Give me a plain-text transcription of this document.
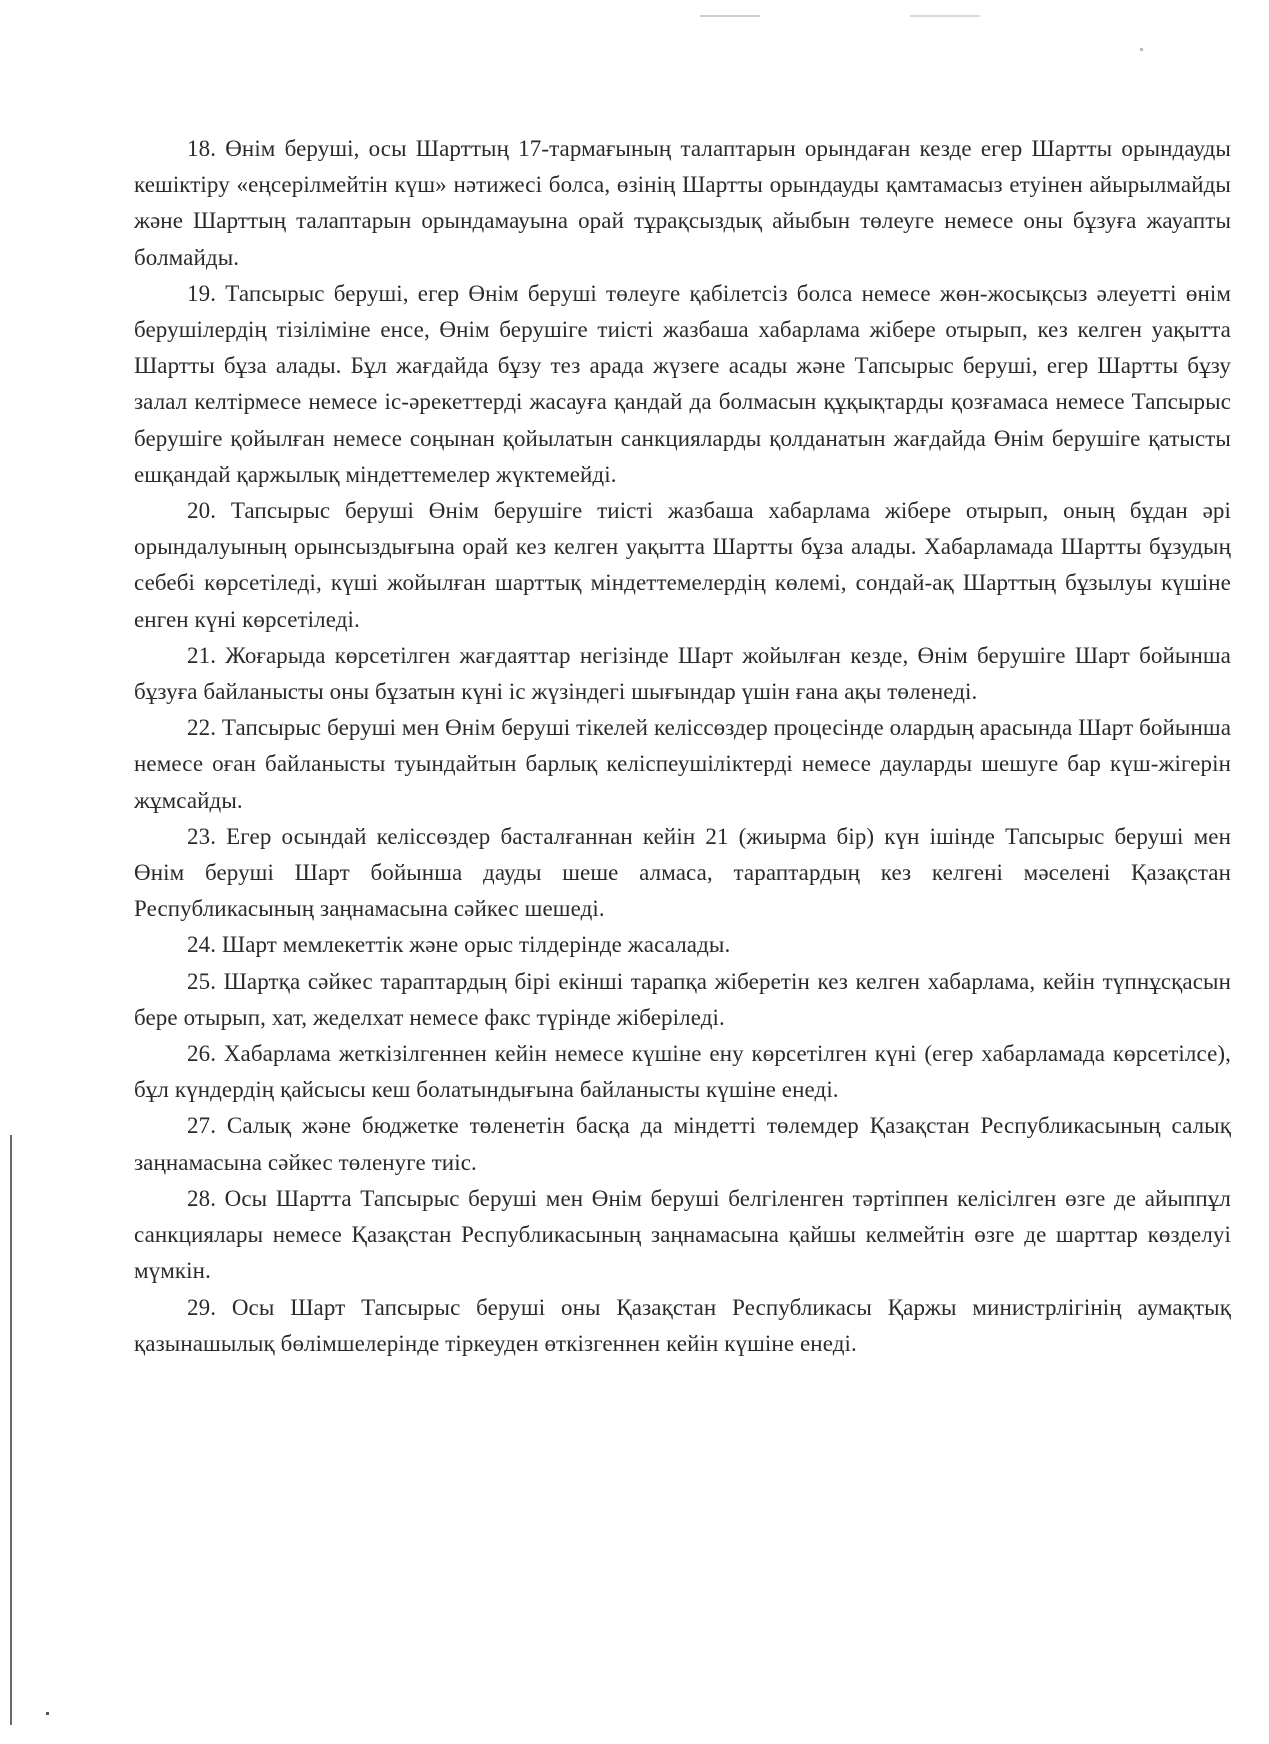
18. Өнім беруші, осы Шарттың 17-тармағының талаптарын орындаған кезде егер Шартты орындауды кешіктіру «еңсерілмейтін күш» нәтижесі болса, өзінің Шартты орындауды қамтамасыз етуінен айырылмайды және Шарттың талаптарын орындамауына орай тұрақсыздық айыбын төлеуге немесе оны бұзуға жауапты болмайды.

19. Тапсырыс беруші, егер Өнім беруші төлеуге қабілетсіз болса немесе жөн-жосықсыз әлеуетті өнім берушілердің тізіліміне енсе, Өнім берушіге тиісті жазбаша хабарлама жібере отырып, кез келген уақытта Шартты бұза алады. Бұл жағдайда бұзу тез арада жүзеге асады және Тапсырыс беруші, егер Шартты бұзу залал келтірмесе немесе іс-әрекеттерді жасауға қандай да болмасын құқықтарды қозғамаса немесе Тапсырыс берушіге қойылған немесе соңынан қойылатын санкцияларды қолданатын жағдайда Өнім берушіге қатысты ешқандай қаржылық міндеттемелер жүктемейді.

20. Тапсырыс беруші Өнім берушіге тиісті жазбаша хабарлама жібере отырып, оның бұдан әрі орындалуының орынсыздығына орай кез келген уақытта Шартты бұза алады. Хабарламада Шартты бұзудың себебі көрсетіледі, күші жойылған шарттық міндеттемелердің көлемі, сондай-ақ Шарттың бұзылуы күшіне енген күні көрсетіледі.

21. Жоғарыда көрсетілген жағдаяттар негізінде Шарт жойылған кезде, Өнім берушіге Шарт бойынша бұзуға байланысты оны бұзатын күні іс жүзіндегі шығындар үшін ғана ақы төленеді.

22. Тапсырыс беруші мен Өнім беруші тікелей келіссөздер процесінде олардың арасында Шарт бойынша немесе оған байланысты туындайтын барлық келіспеушіліктерді немесе дауларды шешуге бар күш-жігерін жұмсайды.

23. Егер осындай келіссөздер басталғаннан кейін 21 (жиырма бір) күн ішінде Тапсырыс беруші мен Өнім беруші Шарт бойынша дауды шеше алмаса, тараптардың кез келгені мәселені Қазақстан Республикасының заңнамасына сәйкес шешеді.

24. Шарт мемлекеттік және орыс тілдерінде жасалады.

25. Шартқа сәйкес тараптардың бірі екінші тарапқа жіберетін кез келген хабарлама, кейін түпнұсқасын бере отырып, хат, жеделхат немесе факс түрінде жіберіледі.

26. Хабарлама жеткізілгеннен кейін немесе күшіне ену көрсетілген күні (егер хабарламада көрсетілсе), бұл күндердің қайсысы кеш болатындығына байланысты күшіне енеді.

27. Салық және бюджетке төленетін басқа да міндетті төлемдер Қазақстан Республикасының салық заңнамасына сәйкес төленуге тиіс.

28. Осы Шартта Тапсырыс беруші мен Өнім беруші белгіленген тәртіппен келісілген өзге де айыппұл санкциялары немесе Қазақстан Республикасының заңнамасына қайшы келмейтін өзге де шарттар көзделуі мүмкін.

29. Осы Шарт Тапсырыс беруші оны Қазақстан Республикасы Қаржы министрлігінің аумақтық қазынашылық бөлімшелерінде тіркеуден өткізгеннен кейін күшіне енеді.
